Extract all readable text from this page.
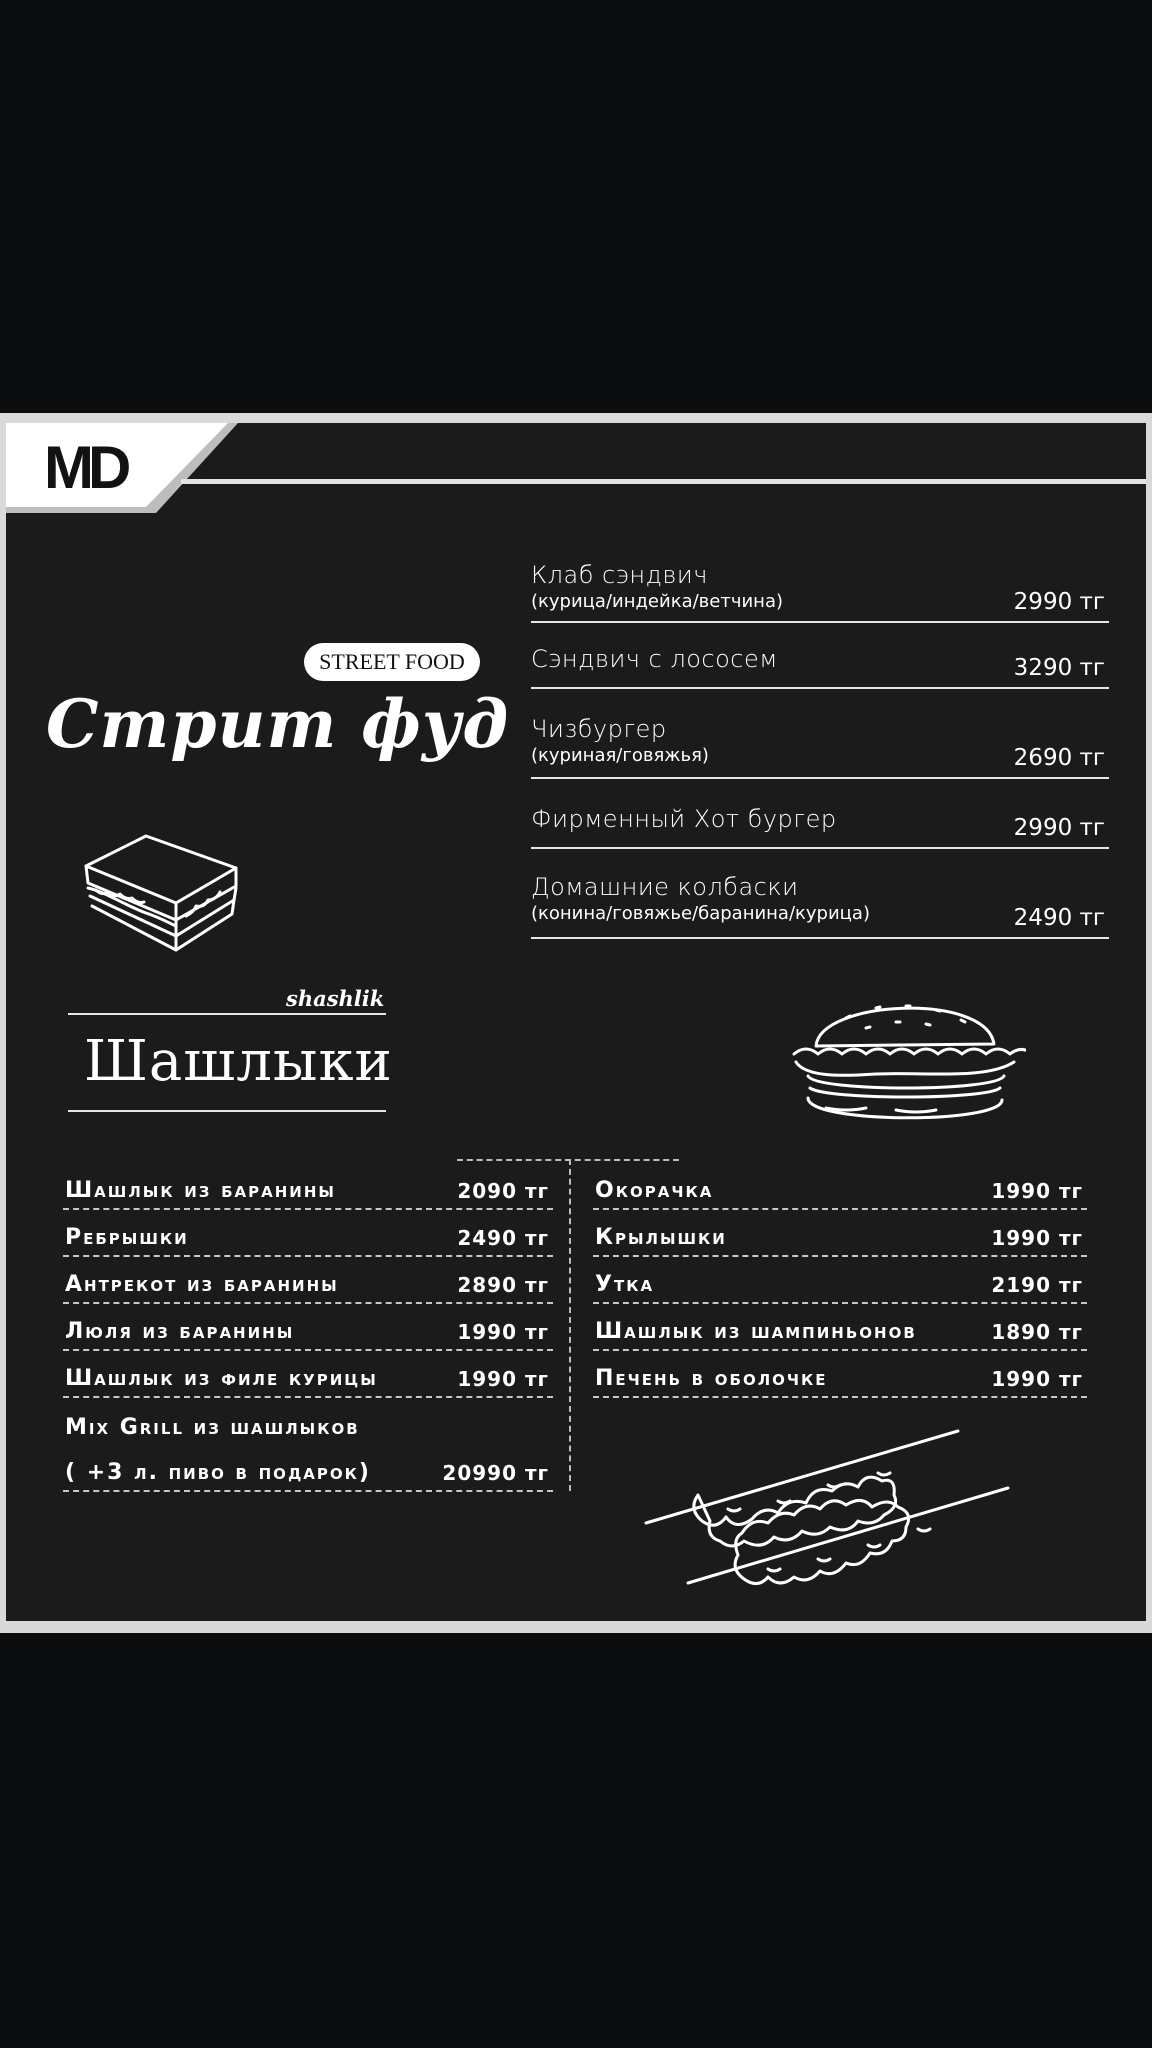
MD
STREET FOOD
Стрит фуд
Клаб сэндвич
(курица/индейка/ветчина)	2990 тг
Сэндвич с лососем	3290 тг
Чизбургер
(куриная/говяжья)	2690 тг
Фирменный Хот бургер	2990 тг
Домашние колбаски
(конина/говяжье/баранина/курица)	2490 тг
shashlik
Шашлыки
Шашлык из баранины	2090 тг
Ребрышки	2490 тг
Антрекот из баранины	2890 тг
Люля из баранины	1990 тг
Шашлык из филе курицы	1990 тг
Mix Grill из шашлыков
( +3 л. пиво в подарок)	20990 тг
Окорачка	1990 тг
Крылышки	1990 тг
Утка	2190 тг
Шашлык из шампиньонов	1890 тг
Печень в оболочке	1990 тг
